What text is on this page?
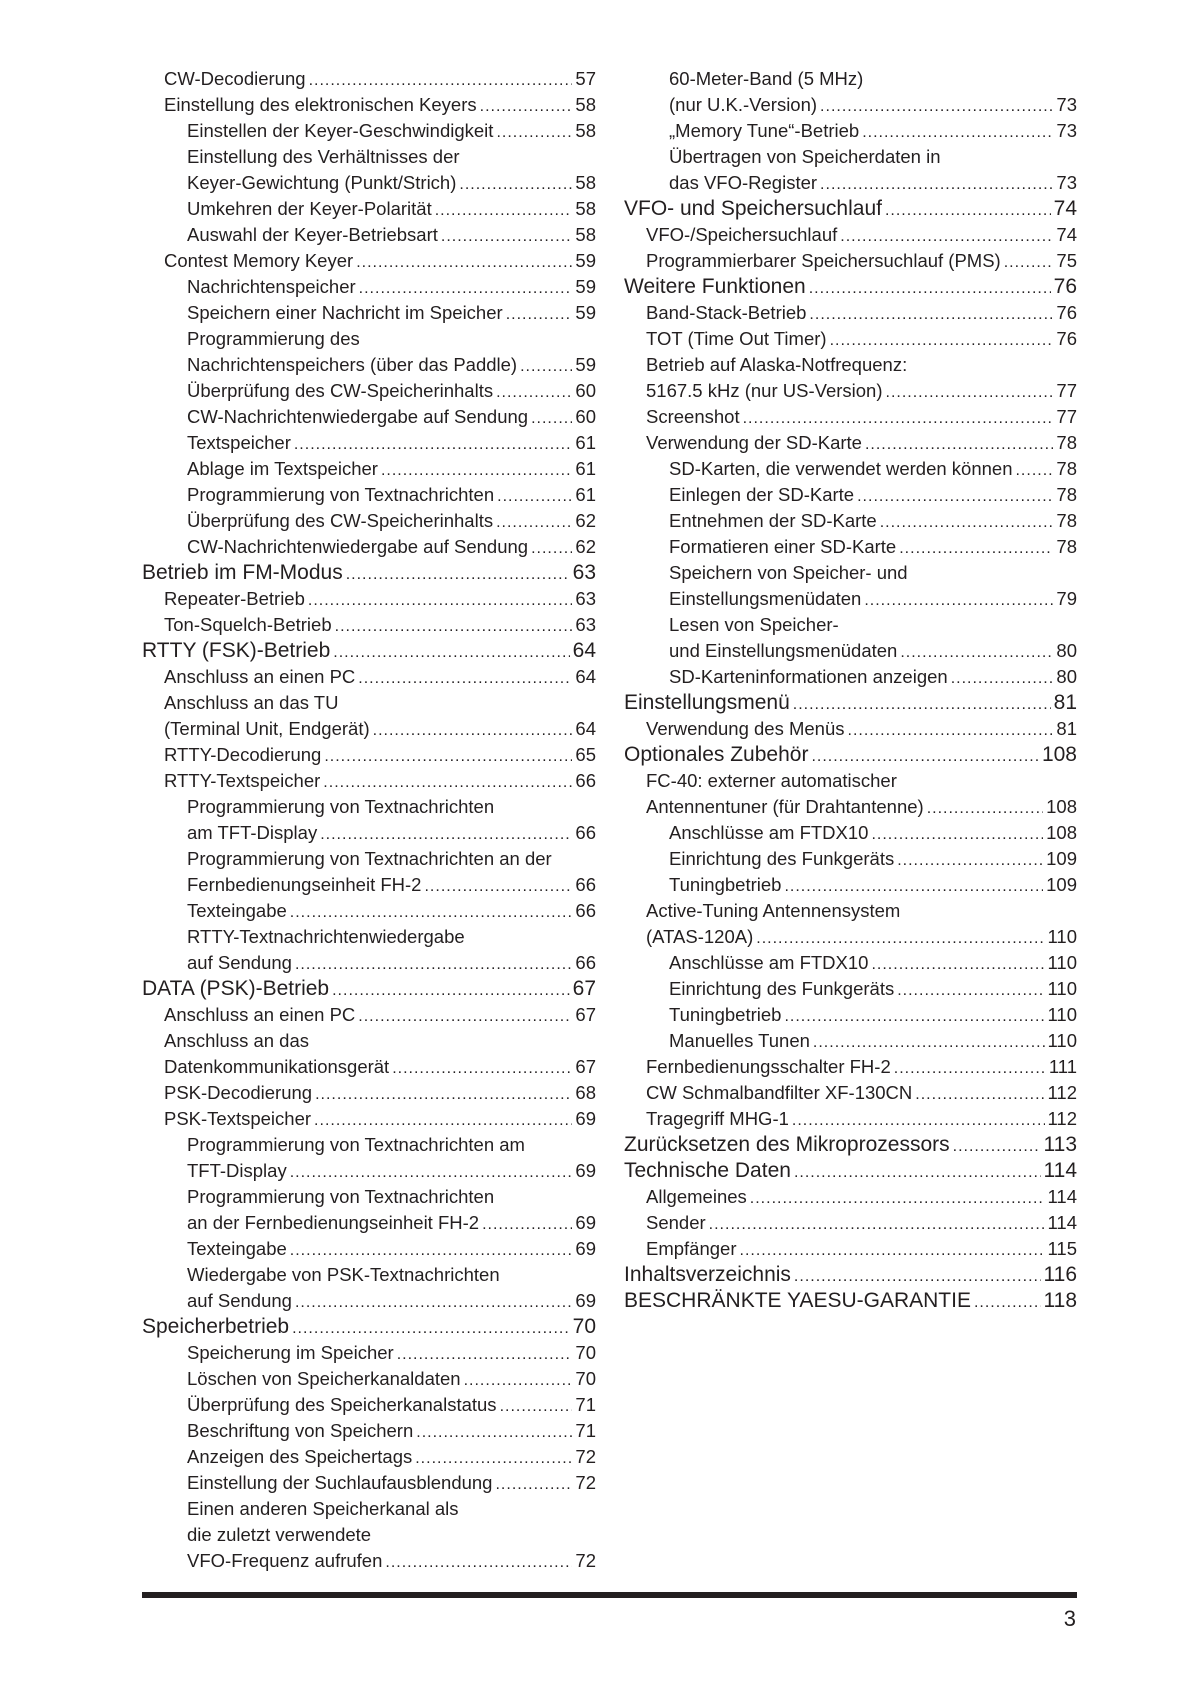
CW-Decodierung .....	57
Einstellung des elektronischen Keyers .....	58
Einstellen der Keyer-Geschwindigkeit .....	58
Einstellung des Verhältnisses der
Keyer-Gewichtung (Punkt/Strich) .....	58
Umkehren der Keyer-Polarität .....	58
Auswahl der Keyer-Betriebsart .....	58
Contest Memory Keyer .....	59
Nachrichtenspeicher .....	59
Speichern einer Nachricht im Speicher .....	59
Programmierung des
Nachrichtenspeichers (über das Paddle) .....	59
Überprüfung des CW-Speicherinhalts .....	60
CW-Nachrichtenwiedergabe auf Sendung .....	60
Textspeicher .....	61
Ablage im Textspeicher .....	61
Programmierung von Textnachrichten .....	61
Überprüfung des CW-Speicherinhalts .....	62
CW-Nachrichtenwiedergabe auf Sendung .....	62
Betrieb im FM-Modus .....	63
Repeater-Betrieb .....	63
Ton-Squelch-Betrieb .....	63
RTTY (FSK)-Betrieb .....	64
Anschluss an einen PC .....	64
Anschluss an das TU
(Terminal Unit, Endgerät) .....	64
RTTY-Decodierung .....	65
RTTY-Textspeicher .....	66
Programmierung von Textnachrichten
am TFT-Display .....	66
Programmierung von Textnachrichten an der
Fernbedienungseinheit FH-2 .....	66
Texteingabe .....	66
RTTY-Textnachrichtenwiedergabe
auf Sendung .....	66
DATA (PSK)-Betrieb .....	67
Anschluss an einen PC .....	67
Anschluss an das
Datenkommunikationsgerät .....	67
PSK-Decodierung .....	68
PSK-Textspeicher .....	69
Programmierung von Textnachrichten am
TFT-Display .....	69
Programmierung von Textnachrichten
an der Fernbedienungseinheit FH-2 .....	69
Texteingabe .....	69
Wiedergabe von PSK-Textnachrichten
auf Sendung .....	69
Speicherbetrieb .....	70
Speicherung im Speicher .....	70
Löschen von Speicherkanaldaten .....	70
Überprüfung des Speicherkanalstatus .....	71
Beschriftung von Speichern .....	71
Anzeigen des Speichertags .....	72
Einstellung der Suchlaufausblendung .....	72
Einen anderen Speicherkanal als
die zuletzt verwendete
VFO-Frequenz aufrufen .....	72
60-Meter-Band (5 MHz)
(nur U.K.-Version) .....	73
„Memory Tune“-Betrieb .....	73
Übertragen von Speicherdaten in
das VFO-Register .....	73
VFO- und Speichersuchlauf .....	74
VFO-/Speichersuchlauf .....	74
Programmierbarer Speichersuchlauf (PMS) .....	75
Weitere Funktionen .....	76
Band-Stack-Betrieb .....	76
TOT (Time Out Timer) .....	76
Betrieb auf Alaska-Notfrequenz:
5167.5 kHz (nur US-Version) .....	77
Screenshot .....	77
Verwendung der SD-Karte .....	78
SD-Karten, die verwendet werden können ..... 78
Einlegen der SD-Karte .....	78
Entnehmen der SD-Karte .....	78
Formatieren einer SD-Karte .....	78
Speichern von Speicher- und
Einstellungsmenüdaten .....	79
Lesen von Speicher-
und Einstellungsmenüdaten .....	80
SD-Karteninformationen anzeigen .....	80
Einstellungsmenü .....	81
Verwendung des Menüs .....	81
Optionales Zubehör .....	108
FC-40: externer automatischer
Antennentuner (für Drahtantenne) .....	108
Anschlüsse am FTDX10 .....	108
Einrichtung des Funkgeräts .....	109
Tuningbetrieb .....	109
Active-Tuning Antennensystem
(ATAS-120A) .....	110
Anschlüsse am FTDX10 .....	110
Einrichtung des Funkgeräts .....	110
Tuningbetrieb .....	110
Manuelles Tunen .....	110
Fernbedienungsschalter FH-2 .....	111
CW Schmalbandfilter XF-130CN .....	112
Tragegriff MHG-1 .....	112
Zurücksetzen des Mikroprozessors .....	113
Technische Daten .....	114
Allgemeines .....	114
Sender .....	114
Empfänger .....	115
Inhaltsverzeichnis .....	116
BESCHRÄNKTE YAESU-GARANTIE .....	118
3
